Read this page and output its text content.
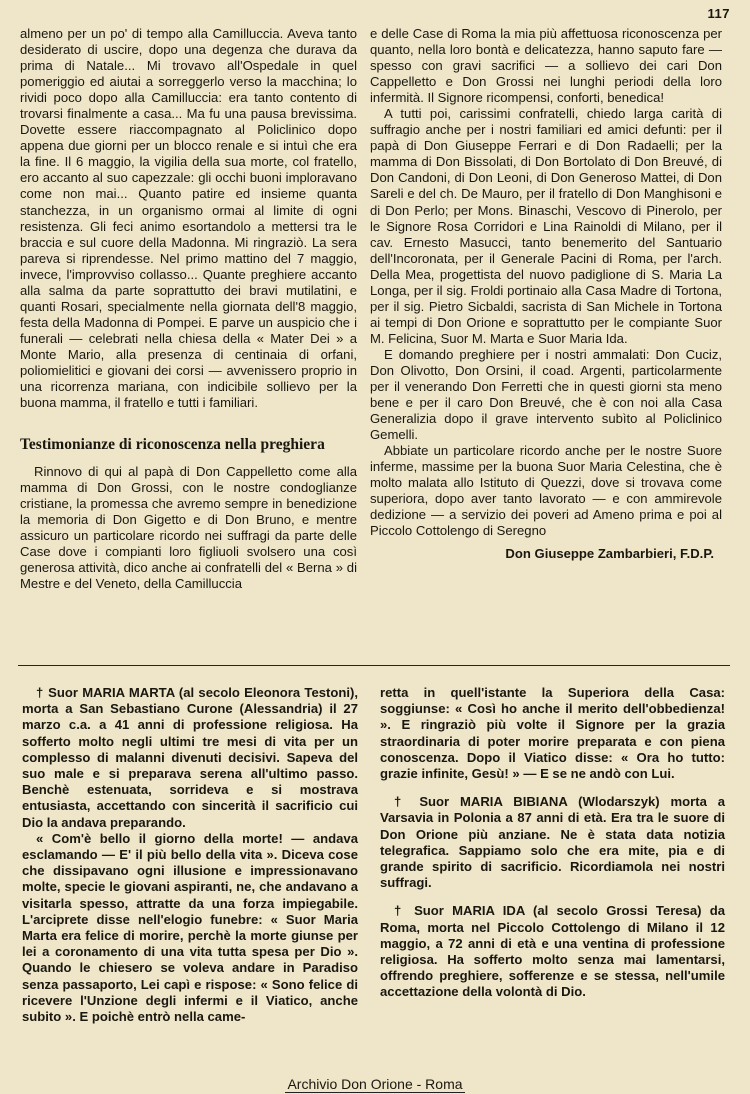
117

almeno per un po' di tempo alla Camilluccia. Aveva tanto desiderato di uscire, dopo una degenza che durava da prima di Natale... Mi trovavo all'Ospedale in quel pomeriggio ed aiutai a sorreggerlo verso la macchina; lo rividi poco dopo alla Camilluccia: era tanto contento di trovarsi finalmente a casa... Ma fu una pausa brevissima. Dovette essere riaccompagnato al Policlinico dopo appena due giorni per un blocco renale e si intuì che era la fine. Il 6 maggio, la vigilia della sua morte, col fratello, ero accanto al suo capezzale: gli occhi buoni imploravano come non mai... Quanto patire ed insieme quanta stanchezza, in un organismo ormai al limite di ogni resistenza. Gli feci animo esortandolo a mettersi tra le braccia e sul cuore della Madonna. Mi ringraziò. La sera pareva si riprendesse. Nel primo mattino del 7 maggio, invece, l'improvviso collasso... Quante preghiere accanto alla salma da parte soprattutto dei bravi mutilatini, e quanti Rosari, specialmente nella giornata dell'8 maggio, festa della Madonna di Pompei. E parve un auspicio che i funerali — celebrati nella chiesa della « Mater Dei » a Monte Mario, alla presenza di centinaia di orfani, poliomielitici e giovani dei corsi — avvenissero proprio in una ricorrenza mariana, con indicibile sollievo per la buona mamma, il fratello e tutti i familiari.

Testimonianze di riconoscenza nella preghiera

Rinnovo di qui al papà di Don Cappelletto come alla mamma di Don Grossi, con le nostre condoglianze cristiane, la promessa che avremo sempre in benedizione la memoria di Don Gigetto e di Don Bruno, e mentre assicuro un particolare ricordo nei suffragi da parte delle Case dove i compianti loro figliuoli svolsero una così generosa attività, dico anche ai confratelli del « Berna » di Mestre e del Veneto, della Camilluccia

e delle Case di Roma la mia più affettuosa riconoscenza per quanto, nella loro bontà e delicatezza, hanno saputo fare — spesso con gravi sacrifici — a sollievo dei cari Don Cappelletto e Don Grossi nei lunghi periodi della loro infermità. Il Signore ricompensi, conforti, benedica!

A tutti poi, carissimi confratelli, chiedo larga carità di suffragio anche per i nostri familiari ed amici defunti: per il papà di Don Giuseppe Ferrari e di Don Radaelli; per la mamma di Don Bissolati, di Don Bortolato di Don Breuvé, di Don Candoni, di Don Leoni, di Don Generoso Mattei, di Don Sareli e del ch. De Mauro, per il fratello di Don Manghisoni e di Don Perlo; per Mons. Binaschi, Vescovo di Pinerolo, per le Signore Rosa Corridori e Lina Rainoldi di Milano, per il cav. Ernesto Masucci, tanto benemerito del Santuario dell'Incoronata, per il Generale Pacini di Roma, per l'arch. Della Mea, progettista del nuovo padiglione di S. Maria La Longa, per il sig. Froldi portinaio alla Casa Madre di Tortona, per il sig. Pietro Sicbaldi, sacrista di San Michele in Tortona ai tempi di Don Orione e soprattutto per le compiante Suor M. Felicina, Suor M. Marta e Suor Maria Ida.

E domando preghiere per i nostri ammalati: Don Cuciz, Don Olivotto, Don Orsini, il coad. Argenti, particolarmente per il venerando Don Ferretti che in questi giorni sta meno bene e per il caro Don Breuvé, che è con noi alla Casa Generalizia dopo il grave intervento subìto al Policlinico Gemelli.

Abbiate un particolare ricordo anche per le nostre Suore inferme, massime per la buona Suor Maria Celestina, che è molto malata allo Istituto di Quezzi, dove si trovava come superiora, dopo aver tanto lavorato — e con ammirevole dedizione — a servizio dei poveri ad Ameno prima e poi al Piccolo Cottolengo di Seregno

Don Giuseppe Zambarbieri, F.D.P.

† Suor MARIA MARTA (al secolo Eleonora Testoni), morta a San Sebastiano Curone (Alessandria) il 27 marzo c.a. a 41 anni di professione religiosa. Ha sofferto molto negli ultimi tre mesi di vita per un complesso di malanni divenuti decisivi. Sapeva del suo male e si preparava serena all'ultimo passo. Benchè estenuata, sorrideva e si mostrava entusiasta, accettando con sincerità il sacrificio cui Dio la andava preparando.

« Com'è bello il giorno della morte! — andava esclamando — E' il più bello della vita ». Diceva cose che dissipavano ogni illusione e impressionavano molte, specie le giovani aspiranti, ne, che andavano a visitarla spesso, attratte da una forza impiegabile. L'arciprete disse nell'elogio funebre: « Suor Maria Marta era felice di morire, perchè la morte giunse per lei a coronamento di una vita tutta spesa per Dio ». Quando le chiesero se voleva andare in Paradiso senza passaporto, Lei capì e rispose: « Sono felice di ricevere l'Unzione degli infermi e il Viatico, anche subito ». E poichè entrò nella came-

retta in quell'istante la Superiora della Casa: soggiunse: « Così ho anche il merito dell'obbedienza! ». E ringraziò più volte il Signore per la grazia straordinaria di poter morire preparata e con piena conoscenza. Dopo il Viatico disse: « Ora ho tutto: grazie infinite, Gesù! » — E se ne andò con Lui.

† Suor MARIA BIBIANA (Wlodarszyk) morta a Varsavia in Polonia a 87 anni di età. Era tra le suore di Don Orione più anziane. Ne è stata data notizia telegrafica. Sappiamo solo che era mite, pia e di grande spirito di sacrificio. Ricordiamola nei nostri suffragi.

† Suor MARIA IDA (al secolo Grossi Teresa) da Roma, morta nel Piccolo Cottolengo di Milano il 12 maggio, a 72 anni di età e una ventina di professione religiosa. Ha sofferto molto senza mai lamentarsi, offrendo preghiere, sofferenze e se stessa, nell'umile accettazione della volontà di Dio.

Archivio Don Orione - Roma
